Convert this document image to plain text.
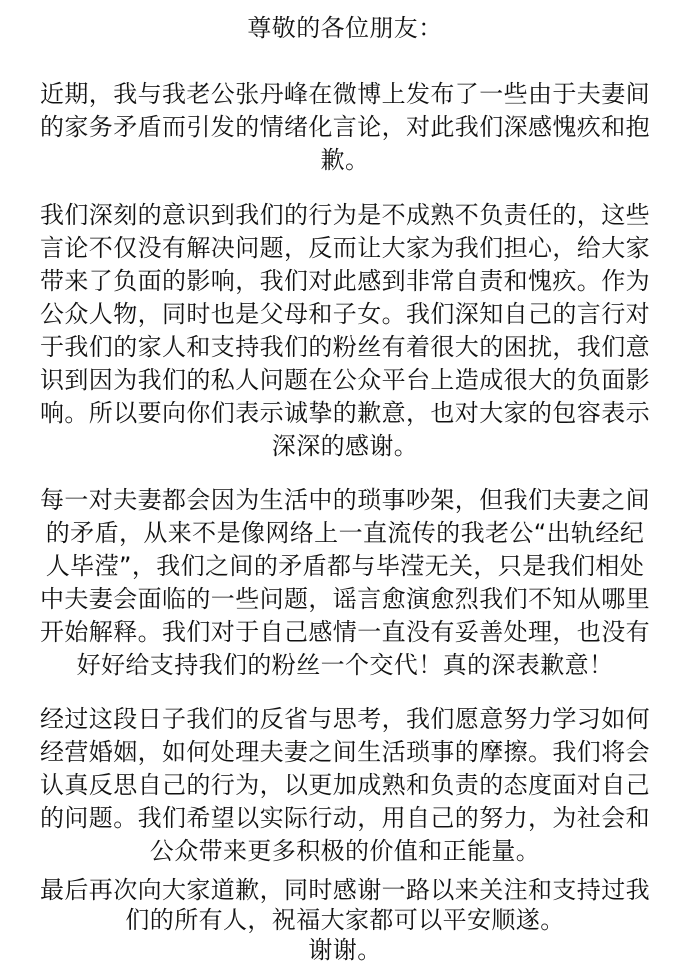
尊敬的各位朋友：
近期，我与我老公张丹峰在微博上发布了一些由于夫妻间
的家务矛盾而引发的情绪化言论，对此我们深感愧疚和抱
歉。
我们深刻的意识到我们的行为是不成熟不负责任的，这些
言论不仅没有解决问题，反而让大家为我们担心，给大家
带来了负面的影响，我们对此感到非常自责和愧疚。作为
公众人物，同时也是父母和子女。我们深知自己的言行对
于我们的家人和支持我们的粉丝有着很大的困扰，我们意
识到因为我们的私人问题在公众平台上造成很大的负面影
响。所以要向你们表示诚挚的歉意，也对大家的包容表示
深深的感谢。
每一对夫妻都会因为生活中的琐事吵架，但我们夫妻之间
的矛盾，从来不是像网络上一直流传的我老公“出轨经纪
人毕滢”，我们之间的矛盾都与毕滢无关，只是我们相处
中夫妻会面临的一些问题，谣言愈演愈烈我们不知从哪里
开始解释。我们对于自己感情一直没有妥善处理，也没有
好好给支持我们的粉丝一个交代！真的深表歉意！
经过这段日子我们的反省与思考，我们愿意努力学习如何
经营婚姻，如何处理夫妻之间生活琐事的摩擦。我们将会
认真反思自己的行为，以更加成熟和负责的态度面对自己
的问题。我们希望以实际行动，用自己的努力，为社会和
公众带来更多积极的价值和正能量。
最后再次向大家道歉，同时感谢一路以来关注和支持过我
们的所有人，祝福大家都可以平安顺遂。
谢谢。
